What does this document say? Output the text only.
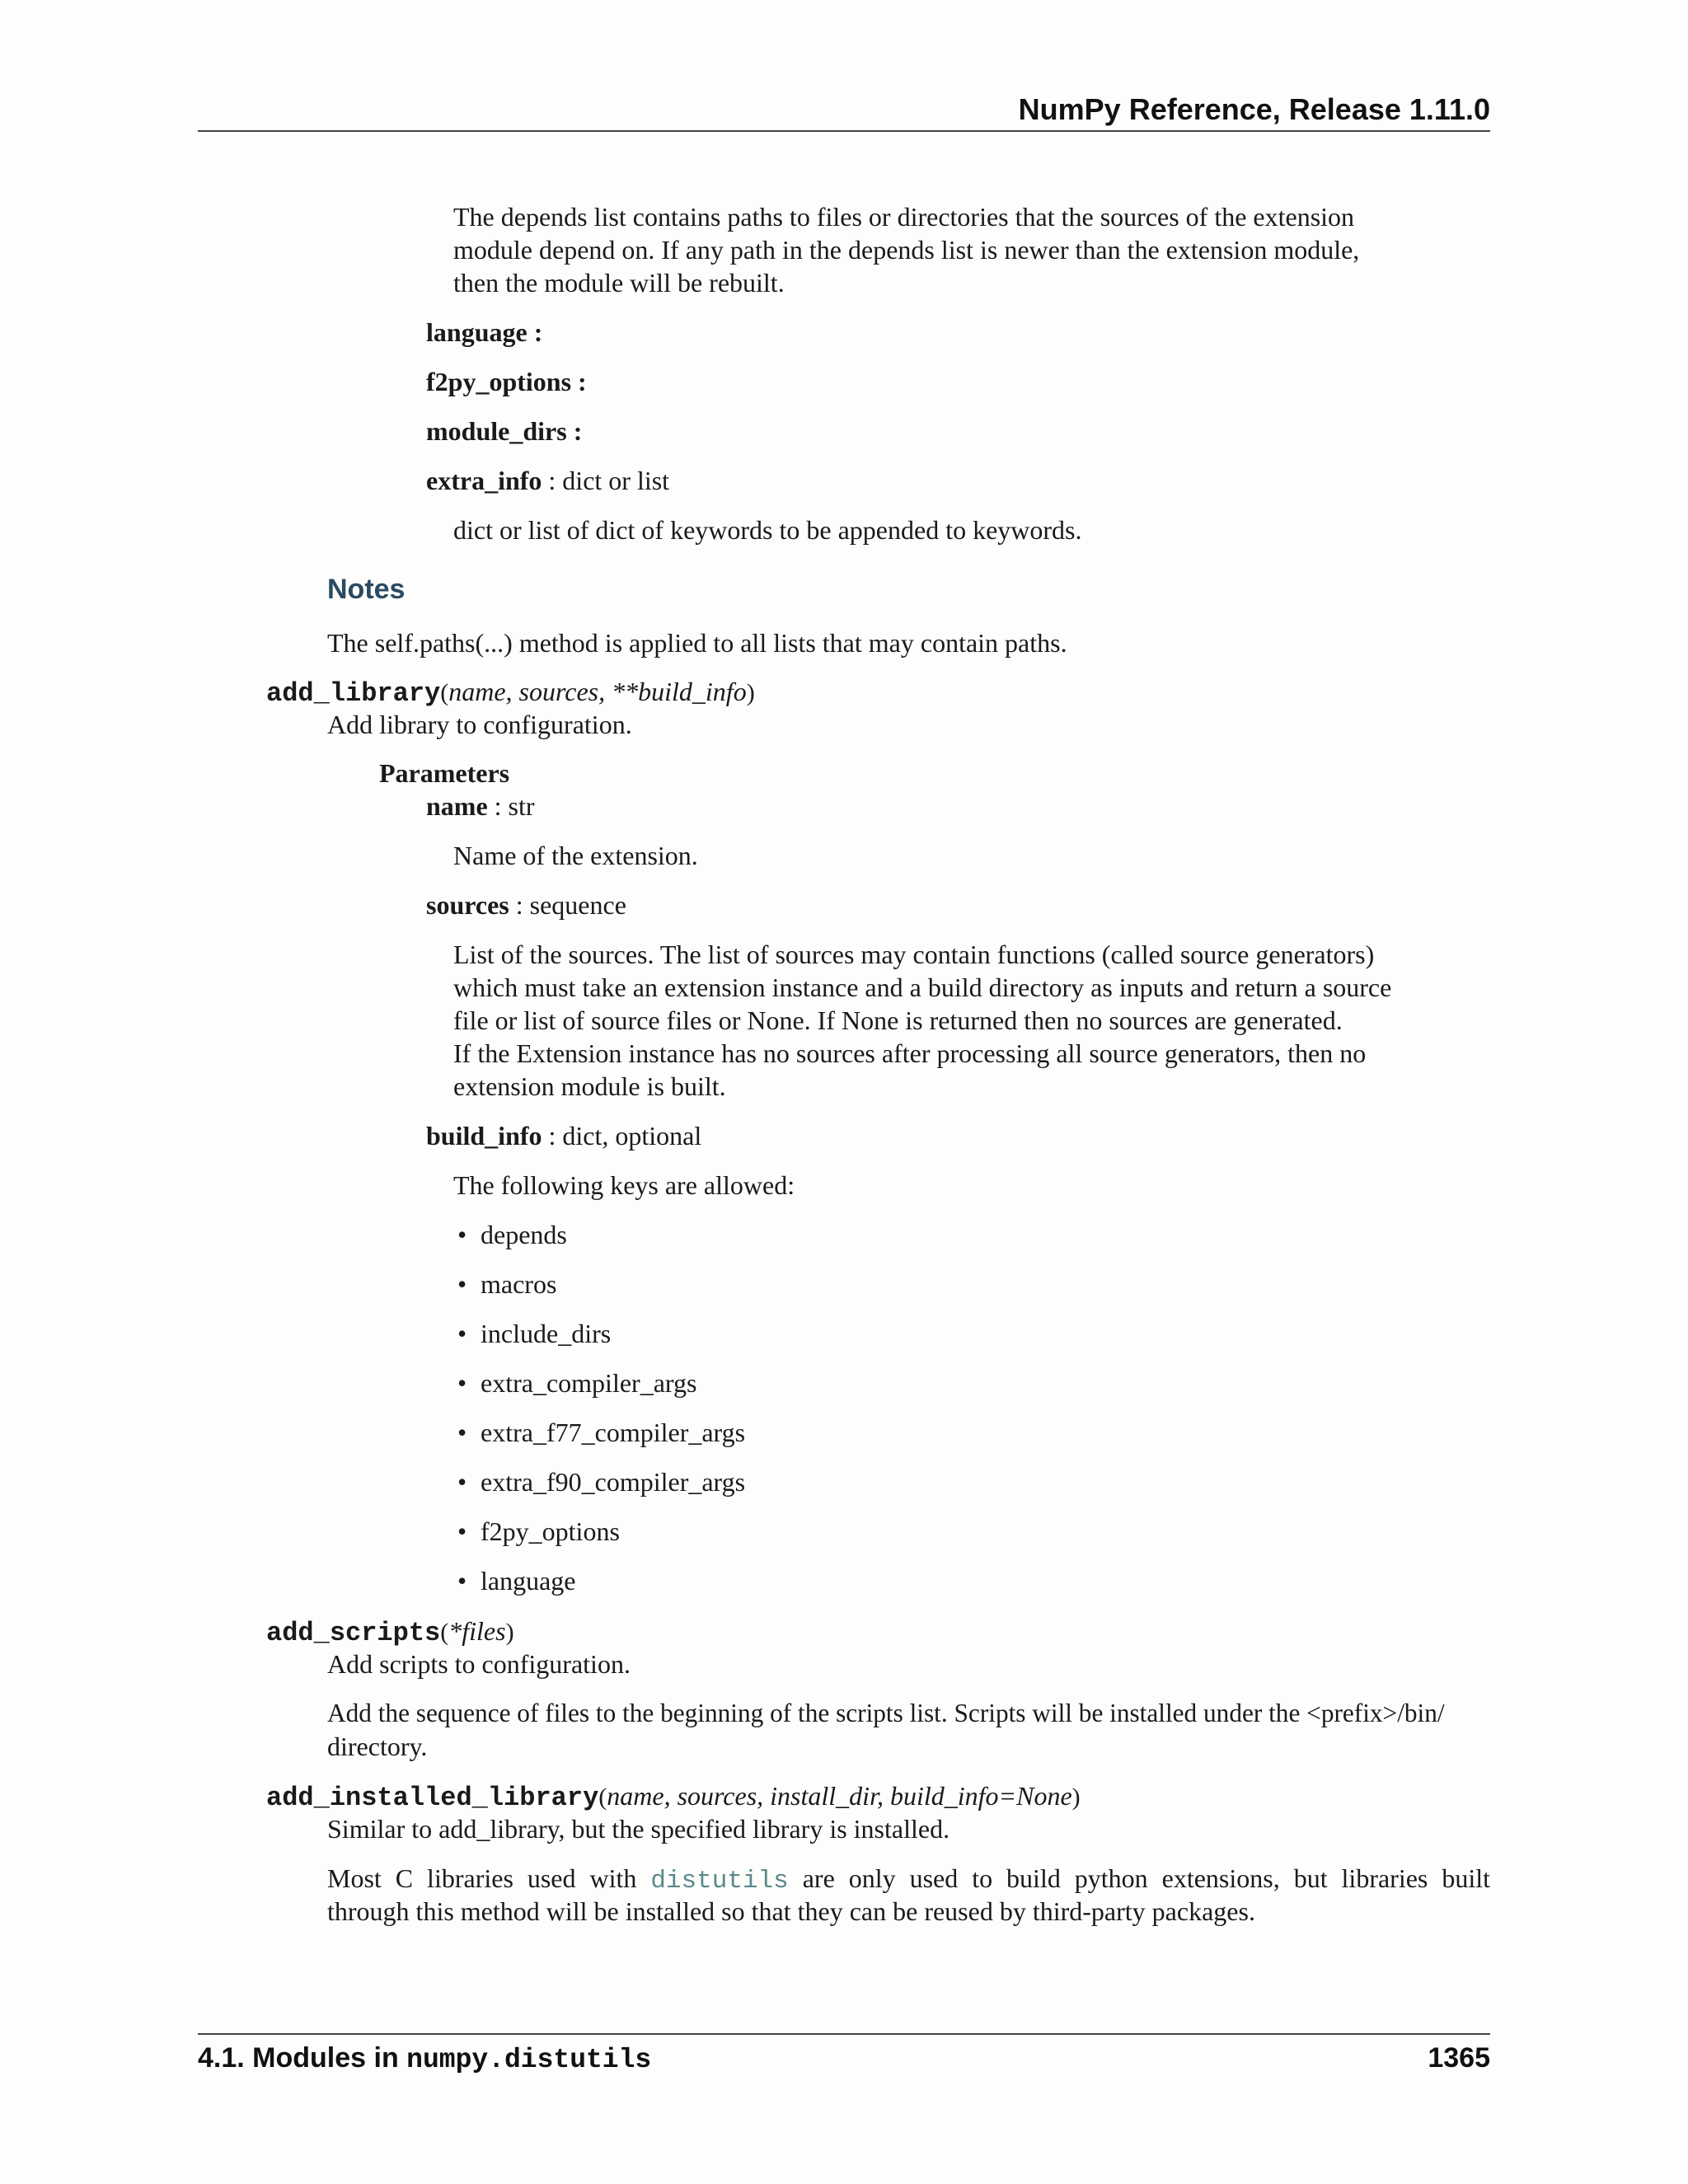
NumPy Reference, Release 1.11.0
The depends list contains paths to files or directories that the sources of the extension
module depend on. If any path in the depends list is newer than the extension module,
then the module will be rebuilt.
language :
f2py_options :
module_dirs :
extra_info : dict or list
dict or list of dict of keywords to be appended to keywords.
Notes
The self.paths(...) method is applied to all lists that may contain paths.
add_library(name, sources, **build_info)
Add library to configuration.
Parameters
name : str
Name of the extension.
sources : sequence
List of the sources. The list of sources may contain functions (called source generators)
which must take an extension instance and a build directory as inputs and return a source
file or list of source files or None. If None is returned then no sources are generated.
If the Extension instance has no sources after processing all source generators, then no
extension module is built.
build_info : dict, optional
The following keys are allowed:
• depends
• macros
• include_dirs
• extra_compiler_args
• extra_f77_compiler_args
• extra_f90_compiler_args
• f2py_options
• language
add_scripts(*files)
Add scripts to configuration.
Add the sequence of files to the beginning of the scripts list. Scripts will be installed under the <prefix>/bin/
directory.
add_installed_library(name, sources, install_dir, build_info=None)
Similar to add_library, but the specified library is installed.
Most C libraries used with distutils are only used to build python extensions, but libraries built
through this method will be installed so that they can be reused by third-party packages.
4.1. Modules in numpy.distutils	1365
